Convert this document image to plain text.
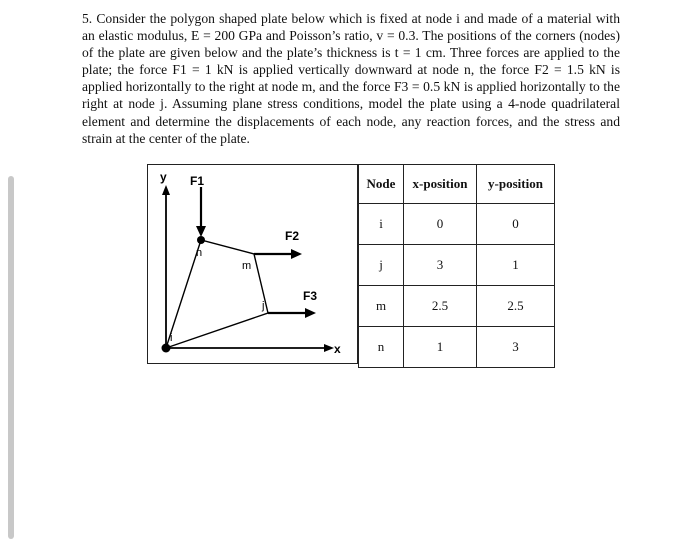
5. Consider the polygon shaped plate below which is fixed at node i and made of a material with an elastic modulus, E = 200 GPa and Poisson’s ratio, v = 0.3. The positions of the corners (nodes) of the plate are given below and the plate’s thickness is t = 1 cm. Three forces are applied to the plate; the force F1 = 1 kN is applied vertically downward at node n, the force F2 = 1.5 kN is applied horizontally to the right at node m, and the force F3 = 0.5 kN is applied horizontally to the right at node j. Assuming plane stress conditions, model the plate using a 4-node quadrilateral element and determine the displacements of each node, any reaction forces, and the stress and strain at the center of the plate.

y
x
F1
F2
F3
i
j
m
n
Node	x-position	y-position
i	0	0
j	3	1
m	2.5	2.5
n	1	3
